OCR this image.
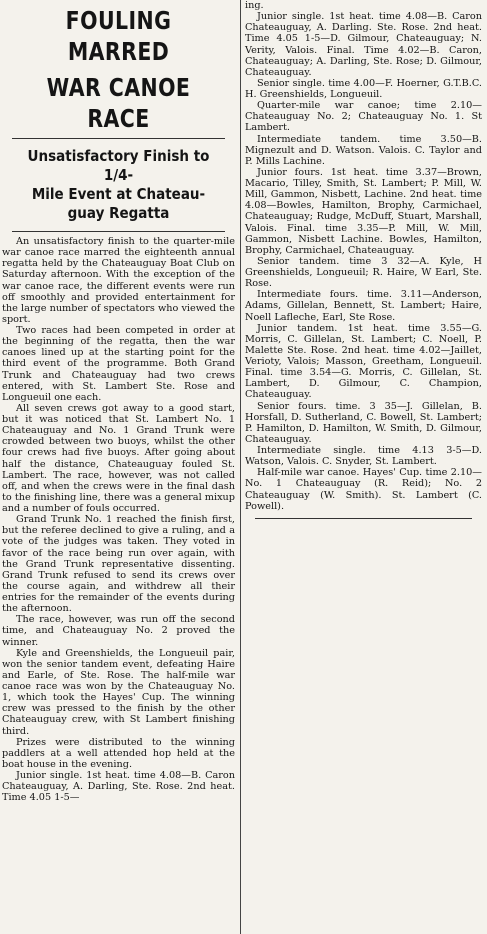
FOULING MARRED
WAR CANOE RACE
Unsatisfactory Finish to 1/4-
Mile Event at Chateau-
guay Regatta

An unsatisfactory finish to the quarter-mile war canoe race marred the eighteenth annual regatta held by the Chateauguay Boat Club on Saturday afternoon. With the exception of the war canoe race, the different events were run off smoothly and provided entertainment for the large number of spectators who viewed the sport.

Two races had been competed in order at the beginning of the regatta, then the war canoes lined up at the starting point for the third event of the programme. Both Grand Trunk and Chateauguay had two crews entered, with St. Lambert Ste. Rose and Longueuil one each.

All seven crews got away to a good start, but it was noticed that St. Lambert No. 1 Chateauguay and No. 1 Grand Trunk were crowded between two buoys, whilst the other four crews had five buoys. After going about half the distance, Chateauguay fouled St. Lambert. The race, however, was not called off, and when the crews were in the final dash to the finishing line, there was a general mixup and a number of fouls occurred.

Grand Trunk No. 1 reached the finish first, but the referee declined to give a ruling, and a vote of the judges was taken. They voted in favor of the race being run over again, with the Grand Trunk representative dissenting. Grand Trunk refused to send its crews over the course again, and withdrew all their entries for the remainder of the events during the afternoon.

The race, however, was run off the second time, and Chateauguay No. 2 proved the winner.

Kyle and Greenshields, the Longueuil pair, won the senior tandem event, defeating Haire and Earle, of Ste. Rose. The half-mile war canoe race was won by the Chateauguay No. 1, which took the Hayes' Cup. The winning crew was pressed to the finish by the other Chateauguay crew, with St Lambert finishing third.

Prizes were distributed to the winning paddlers at a well attended hop held at the boat house in the evening.

Junior single. 1st heat. time 4.08—B. Caron Chateauguay, A. Darling, Ste. Rose. 2nd heat. Time 4.05 1-5—

ing.

Junior single. 1st heat. time 4.08—B. Caron Chateauguay, A. Darling. Ste. Rose. 2nd heat. Time 4.05 1-5—D. Gilmour, Chateauguay; N. Verity, Valois. Final. Time 4.02—B. Caron, Chateauguay; A. Darling, Ste. Rose; D. Gilmour, Chateauguay.

Senior single. time 4.00—F. Hoerner, G.T.B.C. H. Greenshields, Longueuil.

Quarter-mile war canoe; time 2.10—Chateauguay No. 2; Chateauguay No. 1. St Lambert.

Intermediate tandem. time 3.50—B. Mignezult and D. Watson. Valois. C. Taylor and P. Mills Lachine.

Junior fours. 1st heat. time 3.37—Brown, Macario, Tilley, Smith, St. Lambert; P. Mill, W. Mill, Gammon, Nisbett, Lachine. 2nd heat. time 4.08—Bowles, Hamilton, Brophy, Carmichael, Chateauguay; Rudge, McDuff, Stuart, Marshall, Valois. Final. time 3.35—P. Mill, W. Mill, Gammon, Nisbett Lachine. Bowles, Hamilton, Brophy, Carmichael, Chateauguay.

Senior tandem. time 3 32—A. Kyle, H Greenshields, Longueuil; R. Haire, W Earl, Ste. Rose.

Intermediate fours. time. 3.11—Anderson, Adams, Gillelan, Bennett, St. Lambert; Haire, Noell Lafleche, Earl, Ste Rose.

Junior tandem. 1st heat. time 3.55—G. Morris, C. Gillelan, St. Lambert; C. Noell, P. Malette Ste. Rose. 2nd heat. time 4.02—Jaillet, Verioty, Valois; Masson, Greetham, Longueuil. Final. time 3.54—G. Morris, C. Gillelan, St. Lambert, D. Gilmour, C. Champion, Chateauguay.

Senior fours. time. 3 35—J. Gillelan, B. Horsfall, D. Sutherland, C. Bowell, St. Lambert; P. Hamilton, D. Hamilton, W. Smith, D. Gilmour, Chateauguay.

Intermediate single. time 4.13 3-5—D. Watson, Valois. C. Snyder, St. Lambert.

Half-mile war canoe. Hayes' Cup. time 2.10—No. 1 Chateauguay (R. Reid); No. 2 Chateauguay (W. Smith). St. Lambert (C. Powell).
